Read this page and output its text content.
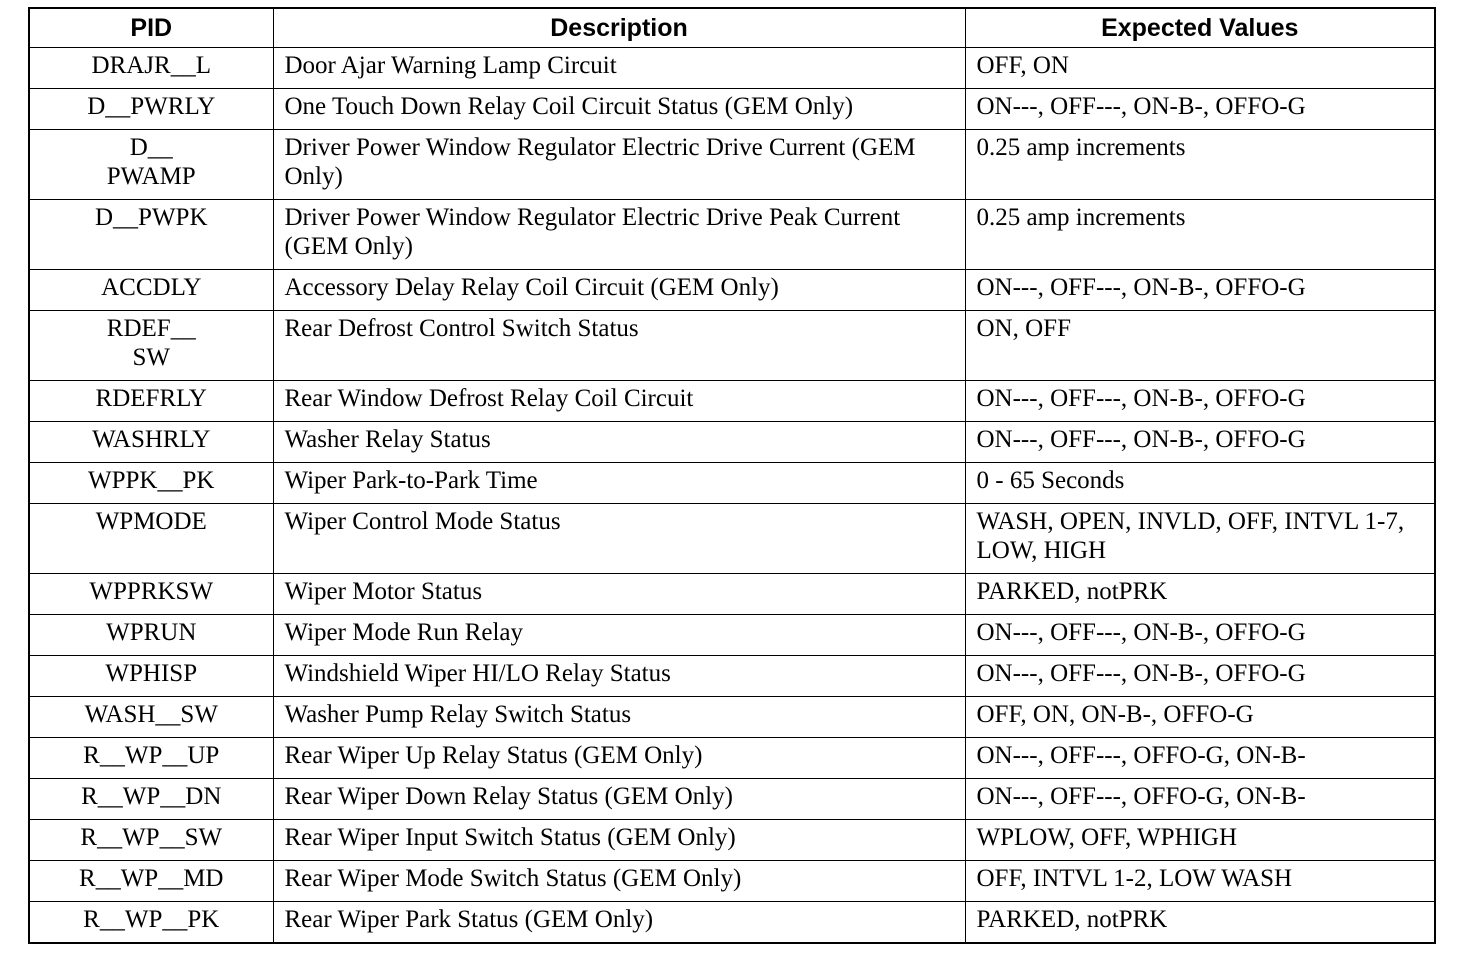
PID	Description	Expected Values

DRAJR__L	Door Ajar Warning Lamp Circuit	OFF, ON

D__PWRLY	One Touch Down Relay Coil Circuit Status (GEM Only)	ON---, OFF---, ON-B-, OFFO-G

D__
PWAMP	Driver Power Window Regulator Electric Drive Current (GEM Only)	0.25 amp increments

D__PWPK	Driver Power Window Regulator Electric Drive Peak Current (GEM Only)	0.25 amp increments

ACCDLY	Accessory Delay Relay Coil Circuit (GEM Only)	ON---, OFF---, ON-B-, OFFO-G

RDEF__
SW	Rear Defrost Control Switch Status	ON, OFF

RDEFRLY	Rear Window Defrost Relay Coil Circuit	ON---, OFF---, ON-B-, OFFO-G

WASHRLY	Washer Relay Status	ON---, OFF---, ON-B-, OFFO-G

WPPK__PK	Wiper Park-to-Park Time	0 - 65 Seconds

WPMODE	Wiper Control Mode Status	WASH, OPEN, INVLD, OFF, INTVL 1-7, LOW, HIGH

WPPRKSW	Wiper Motor Status	PARKED, notPRK

WPRUN	Wiper Mode Run Relay	ON---, OFF---, ON-B-, OFFO-G

WPHISP	Windshield Wiper HI/LO Relay Status	ON---, OFF---, ON-B-, OFFO-G

WASH__SW	Washer Pump Relay Switch Status	OFF, ON, ON-B-, OFFO-G

R__WP__UP	Rear Wiper Up Relay Status (GEM Only)	ON---, OFF---, OFFO-G, ON-B-

R__WP__DN	Rear Wiper Down Relay Status (GEM Only)	ON---, OFF---, OFFO-G, ON-B-

R__WP__SW	Rear Wiper Input Switch Status (GEM Only)	WPLOW, OFF, WPHIGH

R__WP__MD	Rear Wiper Mode Switch Status (GEM Only)	OFF, INTVL 1-2, LOW WASH

R__WP__PK	Rear Wiper Park Status (GEM Only)	PARKED, notPRK
